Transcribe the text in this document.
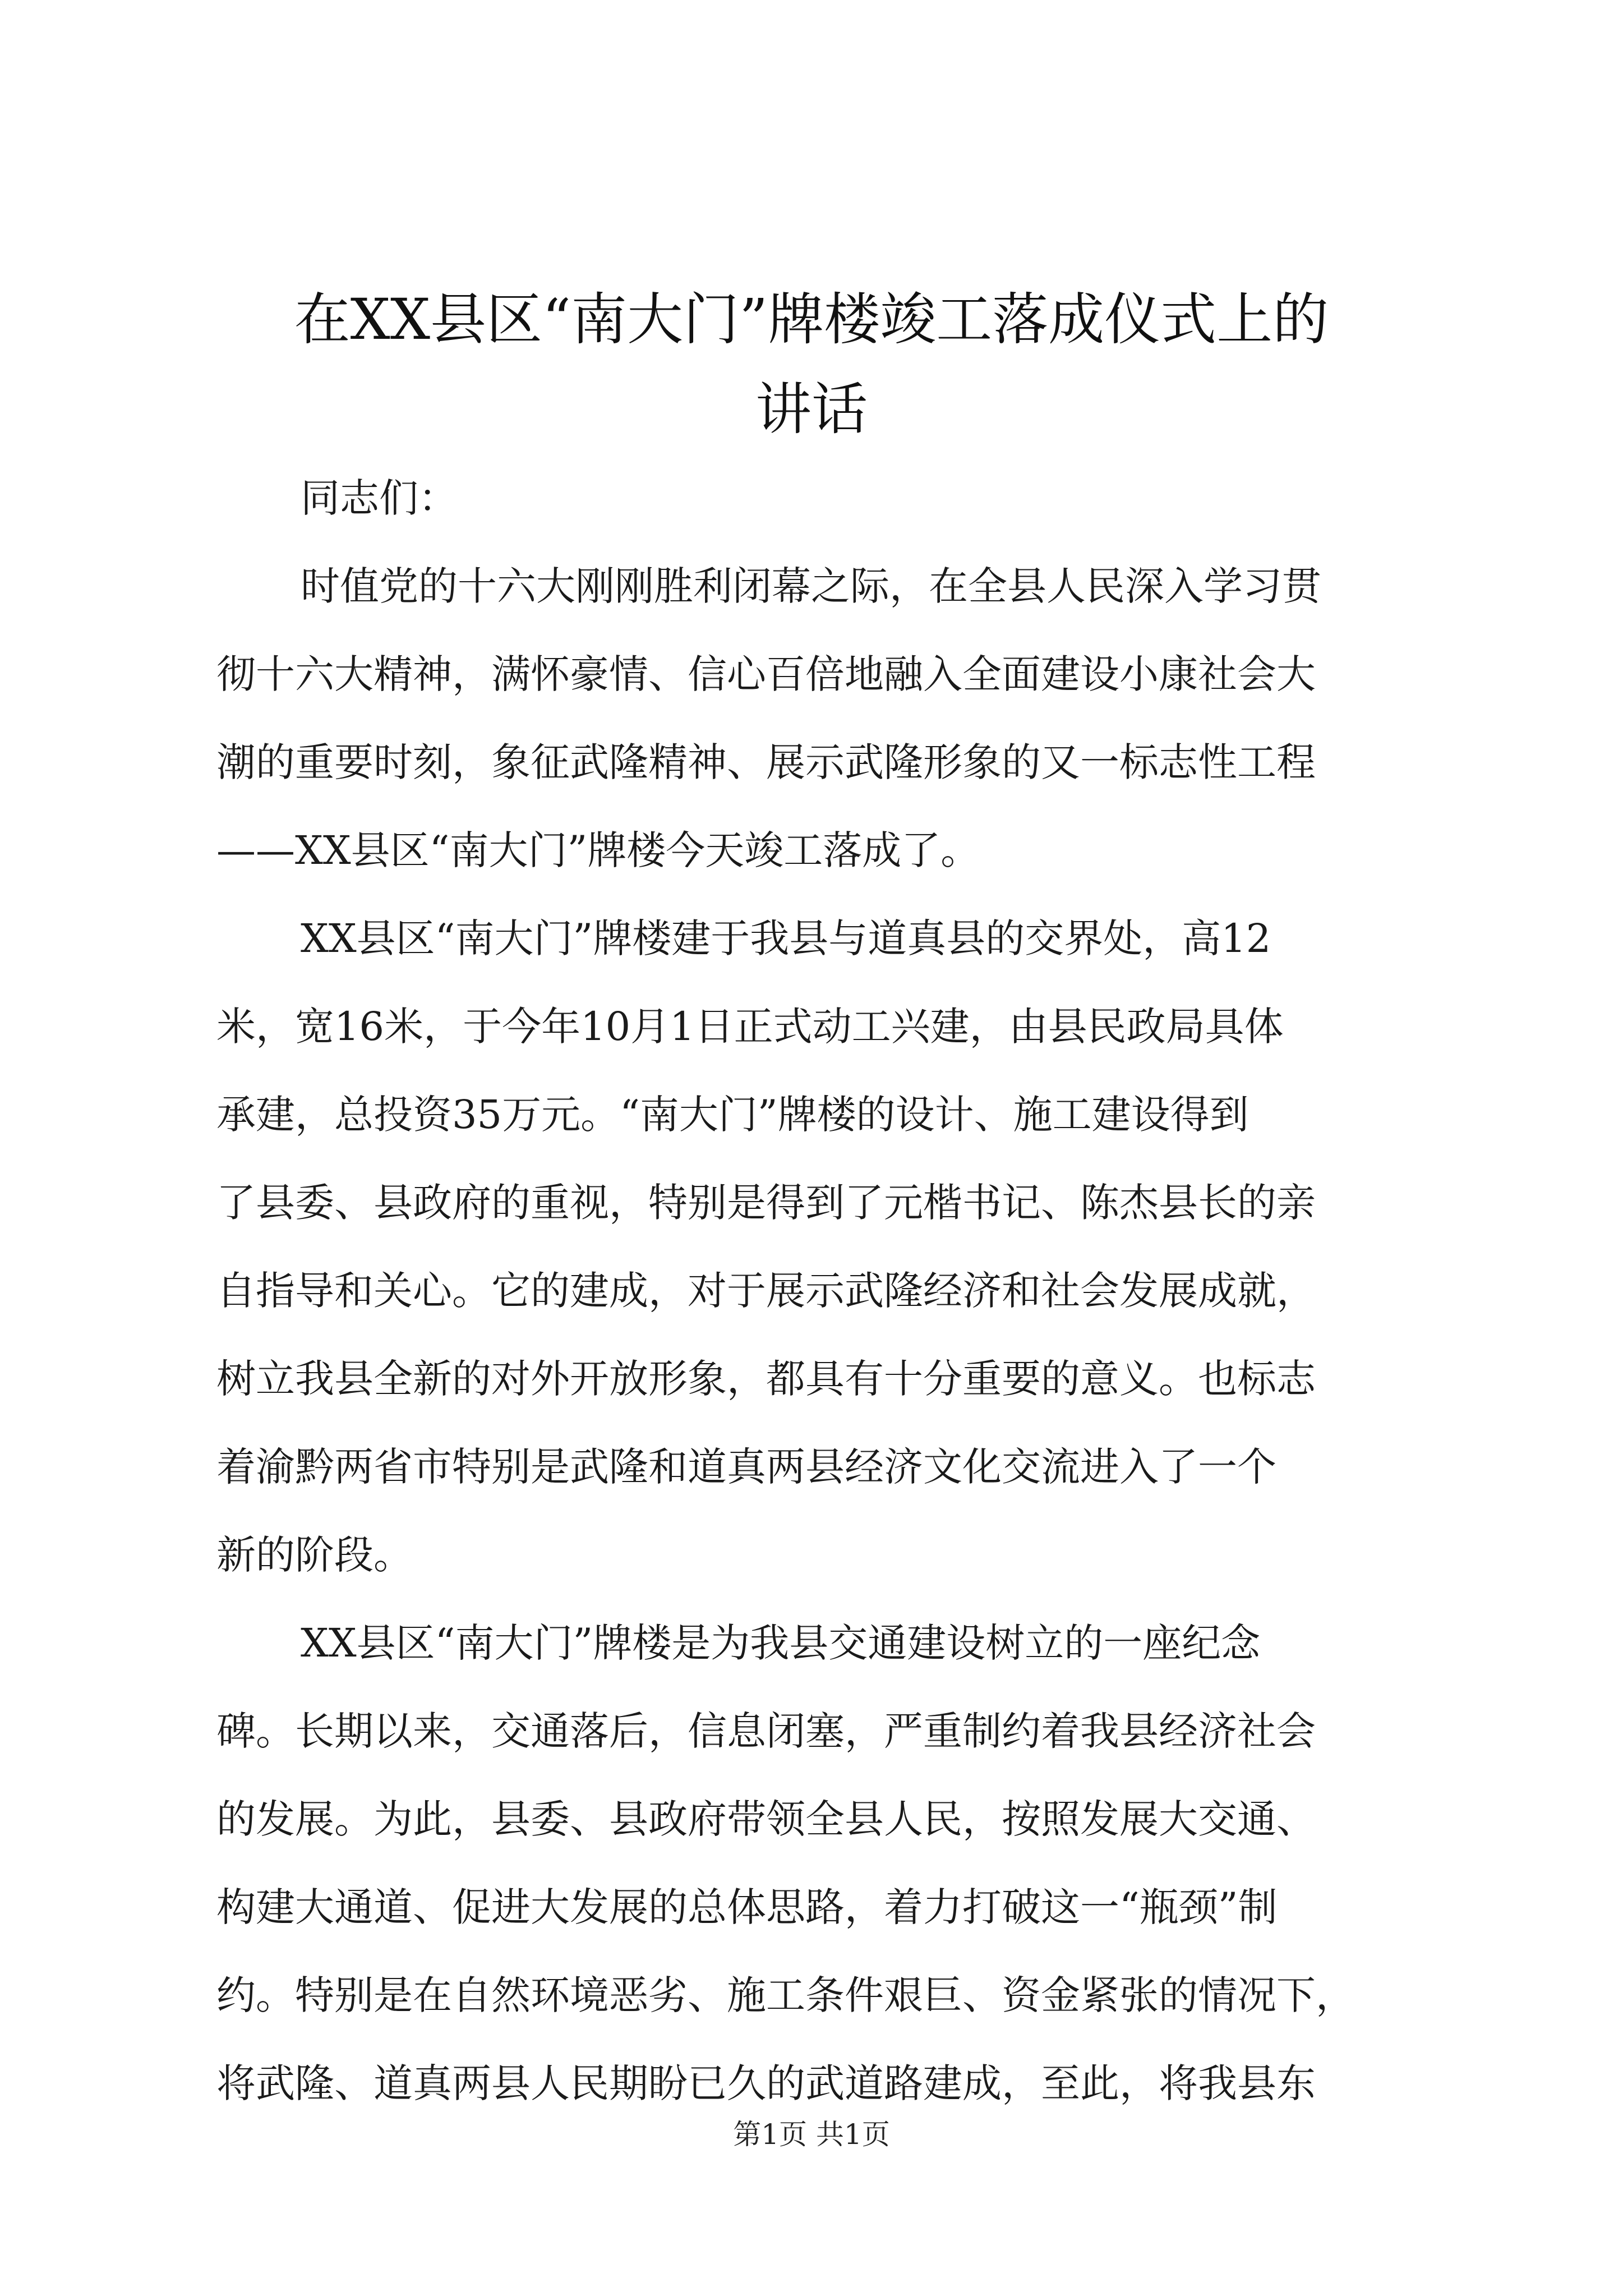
在XX县区“南大门”牌楼竣工落成仪式上的
讲话
同志们：
时值党的十六大刚刚胜利闭幕之际，在全县人民深入学习贯
彻十六大精神，满怀豪情、信心百倍地融入全面建设小康社会大
潮的重要时刻，象征武隆精神、展示武隆形象的又一标志性工程
——XX县区“南大门”牌楼今天竣工落成了。
XX县区“南大门”牌楼建于我县与道真县的交界处，高12
米，宽16米，于今年10月1日正式动工兴建，由县民政局具体
承建，总投资35万元。“南大门”牌楼的设计、施工建设得到
了县委、县政府的重视，特别是得到了元楷书记、陈杰县长的亲
自指导和关心。它的建成，对于展示武隆经济和社会发展成就，
树立我县全新的对外开放形象，都具有十分重要的意义。也标志
着渝黔两省市特别是武隆和道真两县经济文化交流进入了一个
新的阶段。
XX县区“南大门”牌楼是为我县交通建设树立的一座纪念
碑。长期以来，交通落后，信息闭塞，严重制约着我县经济社会
的发展。为此，县委、县政府带领全县人民，按照发展大交通、
构建大通道、促进大发展的总体思路，着力打破这一“瓶颈”制
约。特别是在自然环境恶劣、施工条件艰巨、资金紧张的情况下，
将武隆、道真两县人民期盼已久的武道路建成，至此，将我县东
第1页 共1页
